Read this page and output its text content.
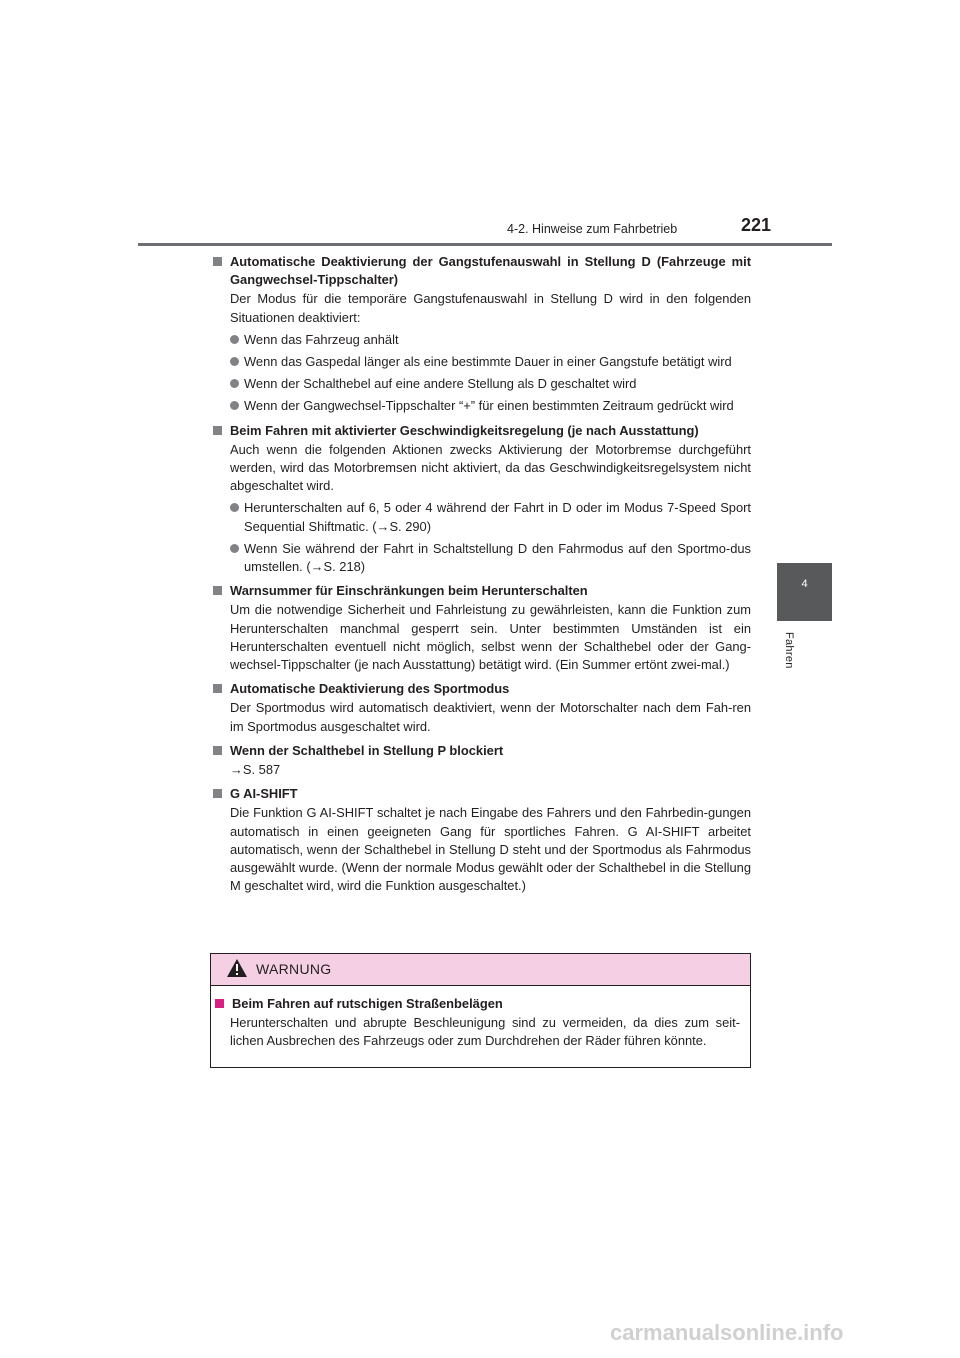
4-2. Hinweise zum Fahrbetrieb	221
4
Fahren
Automatische Deaktivierung der Gangstufenauswahl in Stellung D (Fahrzeuge mit Gangwechsel-Tippschalter)
Der Modus für die temporäre Gangstufenauswahl in Stellung D wird in den folgenden Situationen deaktiviert:
Wenn das Fahrzeug anhält
Wenn das Gaspedal länger als eine bestimmte Dauer in einer Gangstufe betätigt wird
Wenn der Schalthebel auf eine andere Stellung als D geschaltet wird
Wenn der Gangwechsel-Tippschalter “+” für einen bestimmten Zeitraum gedrückt wird
Beim Fahren mit aktivierter Geschwindigkeitsregelung (je nach Ausstattung)
Auch wenn die folgenden Aktionen zwecks Aktivierung der Motorbremse durchgeführt werden, wird das Motorbremsen nicht aktiviert, da das Geschwindigkeitsregelsystem nicht abgeschaltet wird.
Herunterschalten auf 6, 5 oder 4 während der Fahrt in D oder im Modus 7-Speed Sport Sequential Shiftmatic. (→S. 290)
Wenn Sie während der Fahrt in Schaltstellung D den Fahrmodus auf den Sportmo-dus umstellen. (→S. 218)
Warnsummer für Einschränkungen beim Herunterschalten
Um die notwendige Sicherheit und Fahrleistung zu gewährleisten, kann die Funktion zum Herunterschalten manchmal gesperrt sein. Unter bestimmten Umständen ist ein Herunterschalten eventuell nicht möglich, selbst wenn der Schalthebel oder der Gang-wechsel-Tippschalter (je nach Ausstattung) betätigt wird. (Ein Summer ertönt zwei-mal.)
Automatische Deaktivierung des Sportmodus
Der Sportmodus wird automatisch deaktiviert, wenn der Motorschalter nach dem Fah-ren im Sportmodus ausgeschaltet wird.
Wenn der Schalthebel in Stellung P blockiert
→S. 587
G AI-SHIFT
Die Funktion G AI-SHIFT schaltet je nach Eingabe des Fahrers und den Fahrbedin-gungen automatisch in einen geeigneten Gang für sportliches Fahren. G AI-SHIFT arbeitet automatisch, wenn der Schalthebel in Stellung D steht und der Sportmodus als Fahrmodus ausgewählt wurde. (Wenn der normale Modus gewählt oder der Schalthebel in die Stellung M geschaltet wird, wird die Funktion ausgeschaltet.)
WARNUNG
Beim Fahren auf rutschigen Straßenbelägen
Herunterschalten und abrupte Beschleunigung sind zu vermeiden, da dies zum seit-lichen Ausbrechen des Fahrzeugs oder zum Durchdrehen der Räder führen könnte.
carmanualsonline.info
